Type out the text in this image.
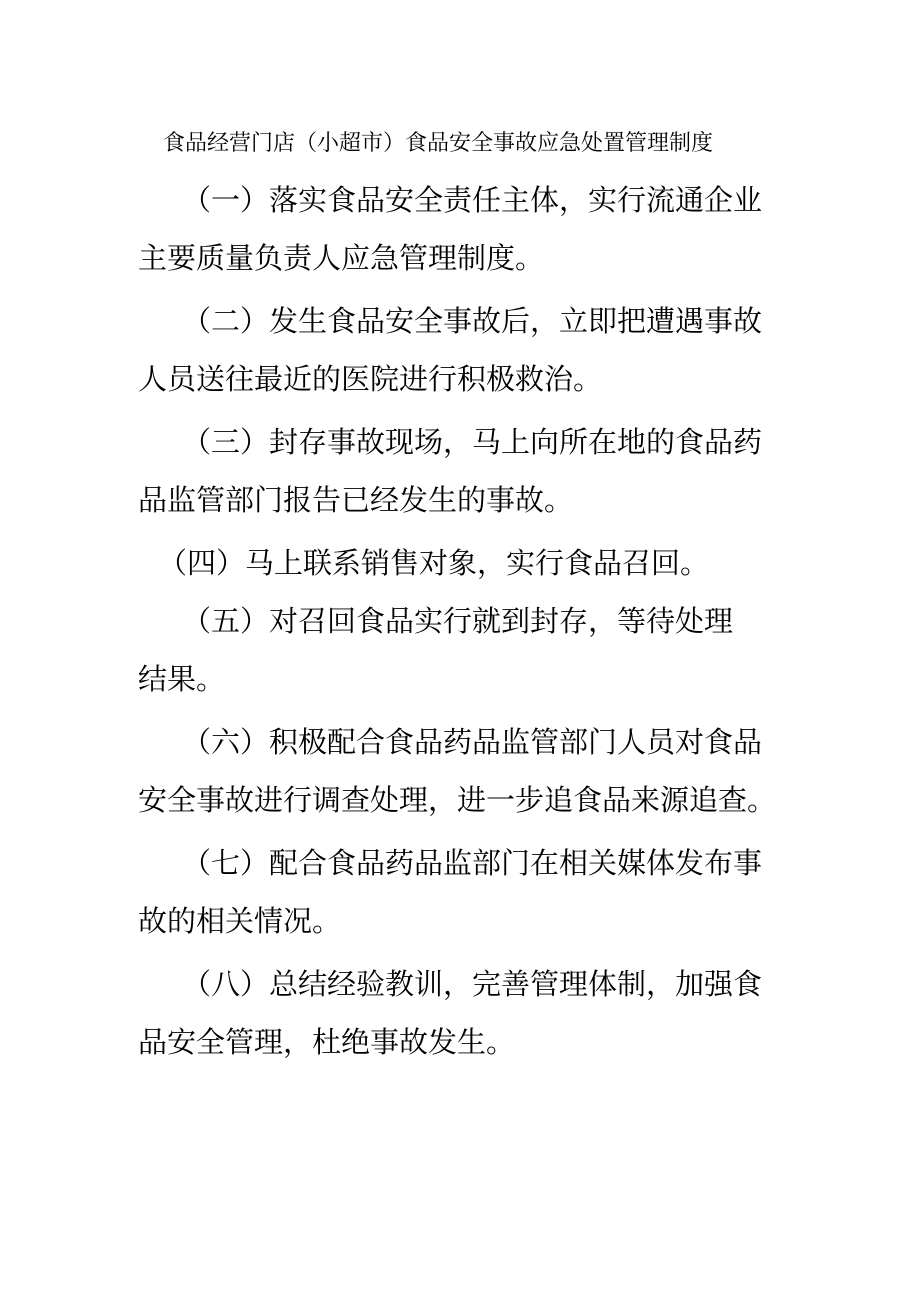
食品经营门店（小超市）食品安全事故应急处置管理制度

（一）落实食品安全责任主体，实行流通企业主要质量负责人应急管理制度。

（二）发生食品安全事故后，立即把遭遇事故人员送往最近的医院进行积极救治。

（三）封存事故现场，马上向所在地的食品药品监管部门报告已经发生的事故。

（四）马上联系销售对象，实行食品召回。

（五）对召回食品实行就到封存，等待处理结果。

（六）积极配合食品药品监管部门人员对食品安全事故进行调查处理，进一步追食品来源追查。

（七）配合食品药品监部门在相关媒体发布事故的相关情况。

（八）总结经验教训，完善管理体制，加强食品安全管理，杜绝事故发生。
